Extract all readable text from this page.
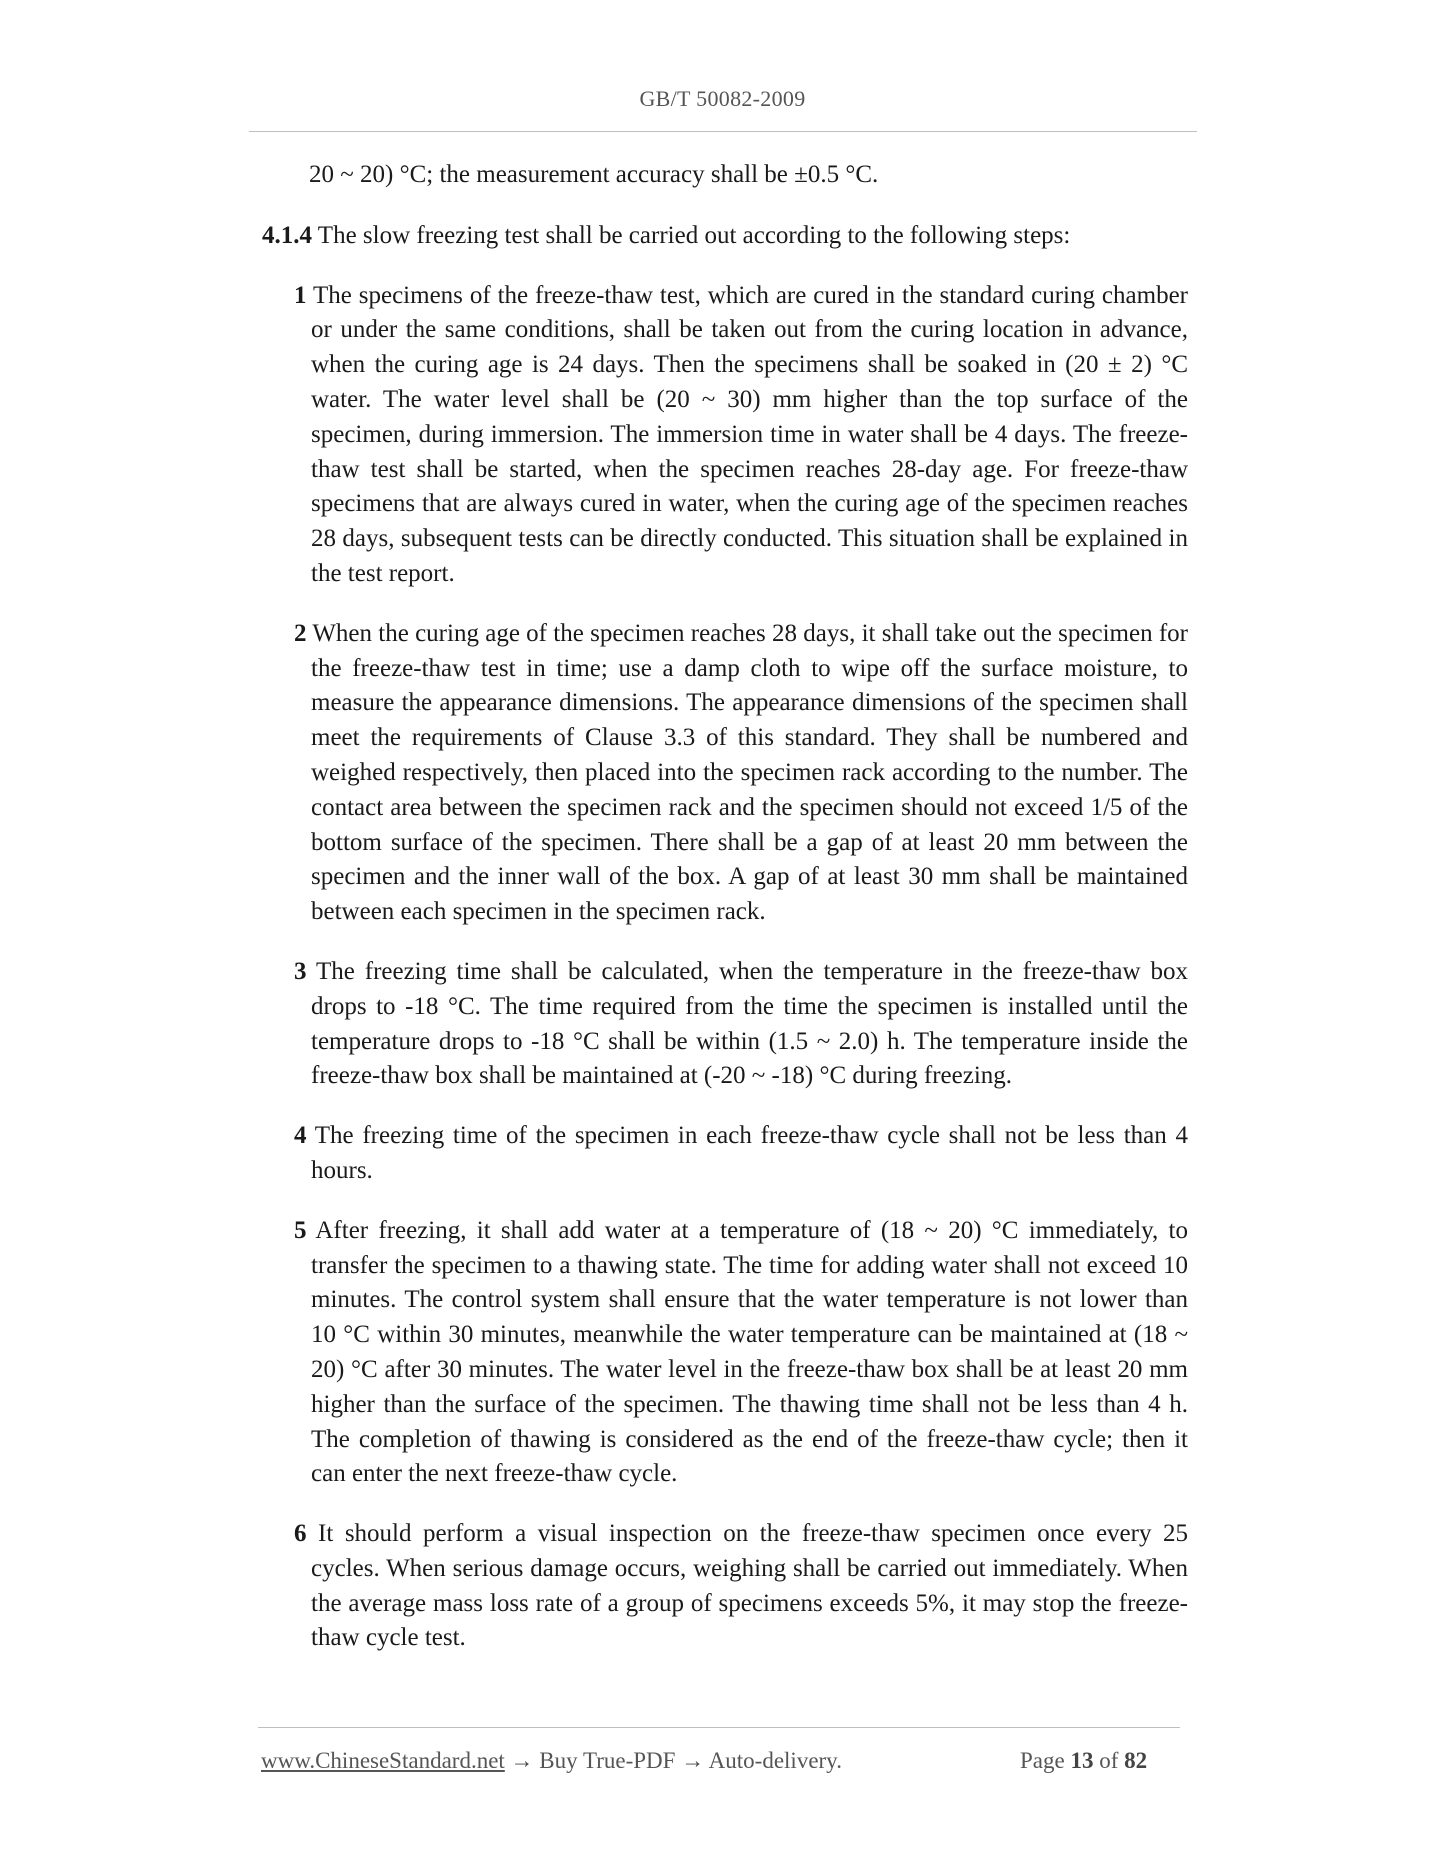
GB/T 50082-2009

20 ~ 20) °C; the measurement accuracy shall be ±0.5 °C.

4.1.4 The slow freezing test shall be carried out according to the following steps:

1 The specimens of the freeze-thaw test, which are cured in the standard curing chamber or under the same conditions, shall be taken out from the curing location in advance, when the curing age is 24 days. Then the specimens shall be soaked in (20 ± 2) °C water. The water level shall be (20 ~ 30) mm higher than the top surface of the specimen, during immersion. The immersion time in water shall be 4 days. The freeze-thaw test shall be started, when the specimen reaches 28-day age. For freeze-thaw specimens that are always cured in water, when the curing age of the specimen reaches 28 days, subsequent tests can be directly conducted. This situation shall be explained in the test report.

2 When the curing age of the specimen reaches 28 days, it shall take out the specimen for the freeze-thaw test in time; use a damp cloth to wipe off the surface moisture, to measure the appearance dimensions. The appearance dimensions of the specimen shall meet the requirements of Clause 3.3 of this standard. They shall be numbered and weighed respectively, then placed into the specimen rack according to the number. The contact area between the specimen rack and the specimen should not exceed 1/5 of the bottom surface of the specimen. There shall be a gap of at least 20 mm between the specimen and the inner wall of the box. A gap of at least 30 mm shall be maintained between each specimen in the specimen rack.

3 The freezing time shall be calculated, when the temperature in the freeze-thaw box drops to -18 °C. The time required from the time the specimen is installed until the temperature drops to -18 °C shall be within (1.5 ~ 2.0) h. The temperature inside the freeze-thaw box shall be maintained at (-20 ~ -18) °C during freezing.

4 The freezing time of the specimen in each freeze-thaw cycle shall not be less than 4 hours.

5 After freezing, it shall add water at a temperature of (18 ~ 20) °C immediately, to transfer the specimen to a thawing state. The time for adding water shall not exceed 10 minutes. The control system shall ensure that the water temperature is not lower than 10 °C within 30 minutes, meanwhile the water temperature can be maintained at (18 ~ 20) °C after 30 minutes. The water level in the freeze-thaw box shall be at least 20 mm higher than the surface of the specimen. The thawing time shall not be less than 4 h. The completion of thawing is considered as the end of the freeze-thaw cycle; then it can enter the next freeze-thaw cycle.

6 It should perform a visual inspection on the freeze-thaw specimen once every 25 cycles. When serious damage occurs, weighing shall be carried out immediately. When the average mass loss rate of a group of specimens exceeds 5%, it may stop the freeze-thaw cycle test.

www.ChineseStandard.net → Buy True-PDF → Auto-delivery.	Page 13 of 82
